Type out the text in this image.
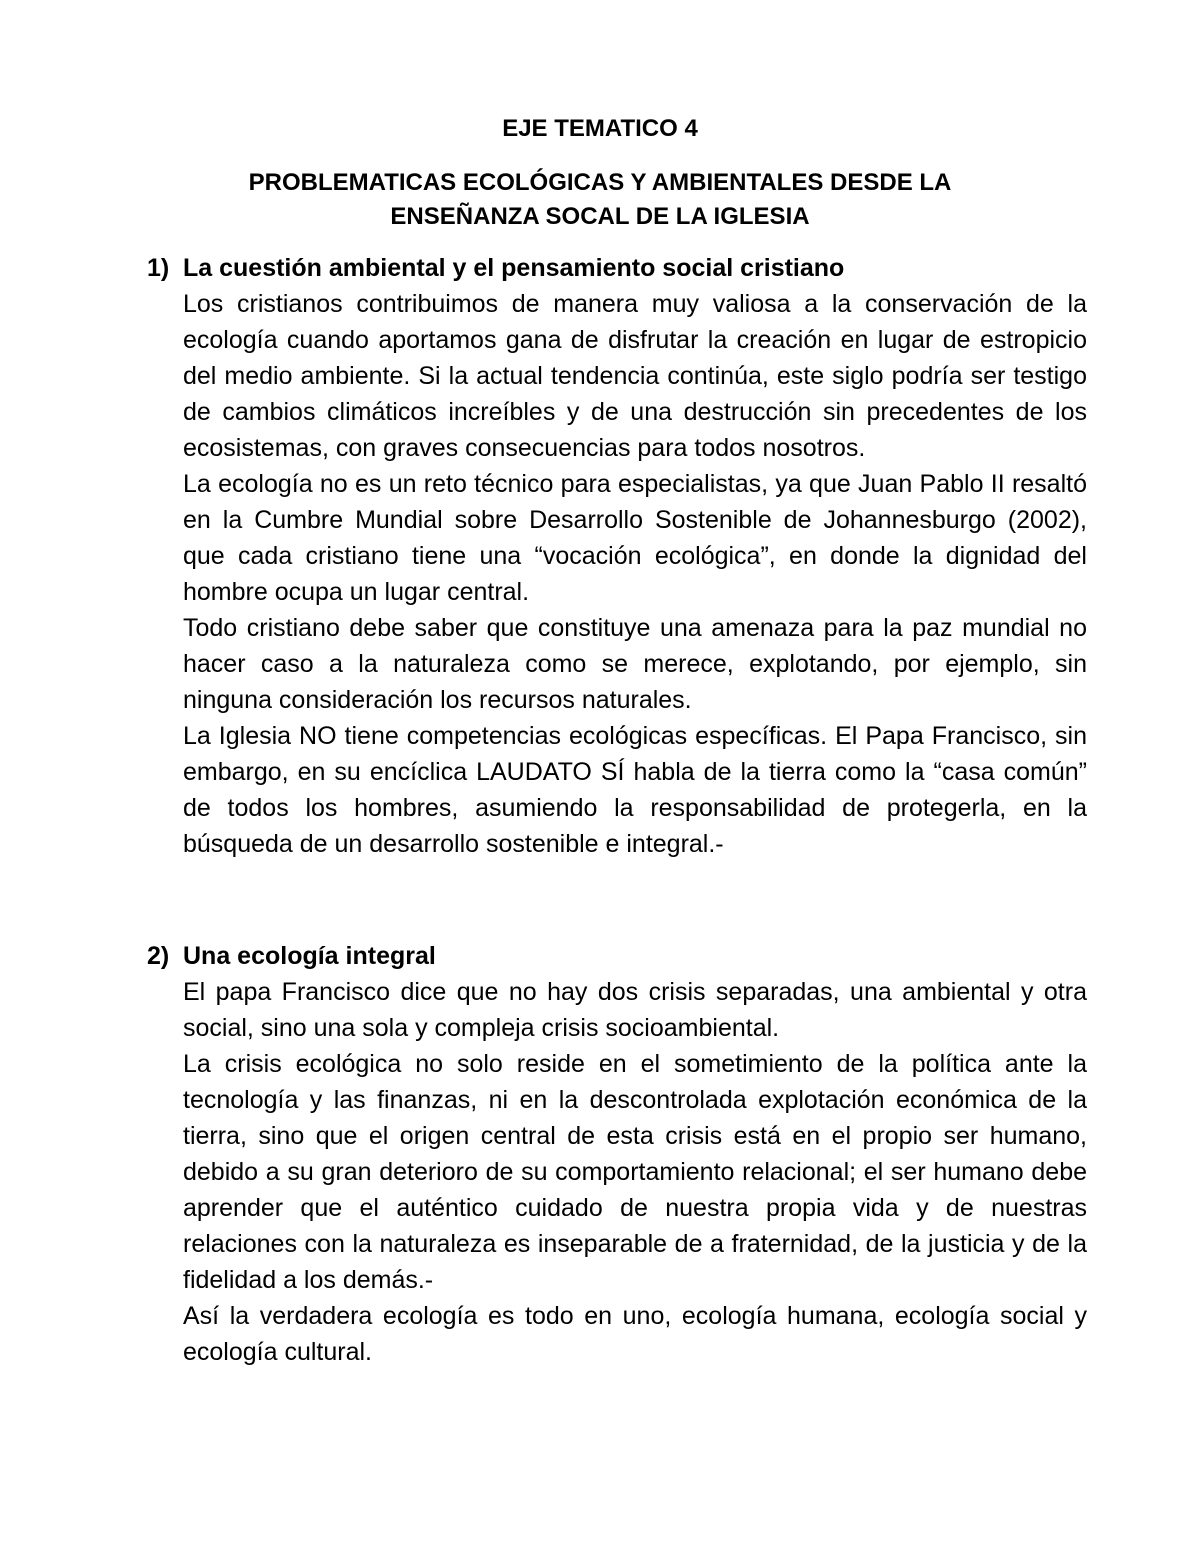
EJE TEMATICO 4
PROBLEMATICAS ECOLÓGICAS Y AMBIENTALES DESDE LA
ENSEÑANZA SOCAL DE LA IGLESIA
1) La cuestión ambiental y el pensamiento social cristiano

Los cristianos contribuimos de manera muy valiosa a la conservación de la ecología cuando aportamos gana de disfrutar la creación en lugar de estropicio del medio ambiente. Si la actual tendencia continúa, este siglo podría ser testigo de cambios climáticos increíbles y de una destrucción sin precedentes de los ecosistemas, con graves consecuencias para todos nosotros.

La ecología no es un reto técnico para especialistas, ya que Juan Pablo II resaltó en la Cumbre Mundial sobre Desarrollo Sostenible de Johannesburgo (2002), que cada cristiano tiene una “vocación ecológica”, en donde la dignidad del hombre ocupa un lugar central.

Todo cristiano debe saber que constituye una amenaza para la paz mundial no hacer caso a la naturaleza como se merece, explotando, por ejemplo, sin ninguna consideración los recursos naturales.

La Iglesia NO tiene competencias ecológicas específicas. El Papa Francisco, sin embargo, en su encíclica LAUDATO SÍ habla de la tierra como la “casa común” de todos los hombres, asumiendo la responsabilidad de protegerla, en la búsqueda de un desarrollo sostenible e integral.-

2) Una ecología integral

El papa Francisco dice que no hay dos crisis separadas, una ambiental y otra social, sino una sola y compleja crisis socioambiental.

La crisis ecológica no solo reside en el sometimiento de la política ante la tecnología y las finanzas, ni en la descontrolada explotación económica de la tierra, sino que el origen central de esta crisis está en el propio ser humano, debido a su gran deterioro de su comportamiento relacional; el ser humano debe aprender que el auténtico cuidado de nuestra propia vida y de nuestras relaciones con la naturaleza es inseparable de a fraternidad, de la justicia y de la fidelidad a los demás.-

Así la verdadera ecología es todo en uno, ecología humana, ecología social y ecología cultural.
